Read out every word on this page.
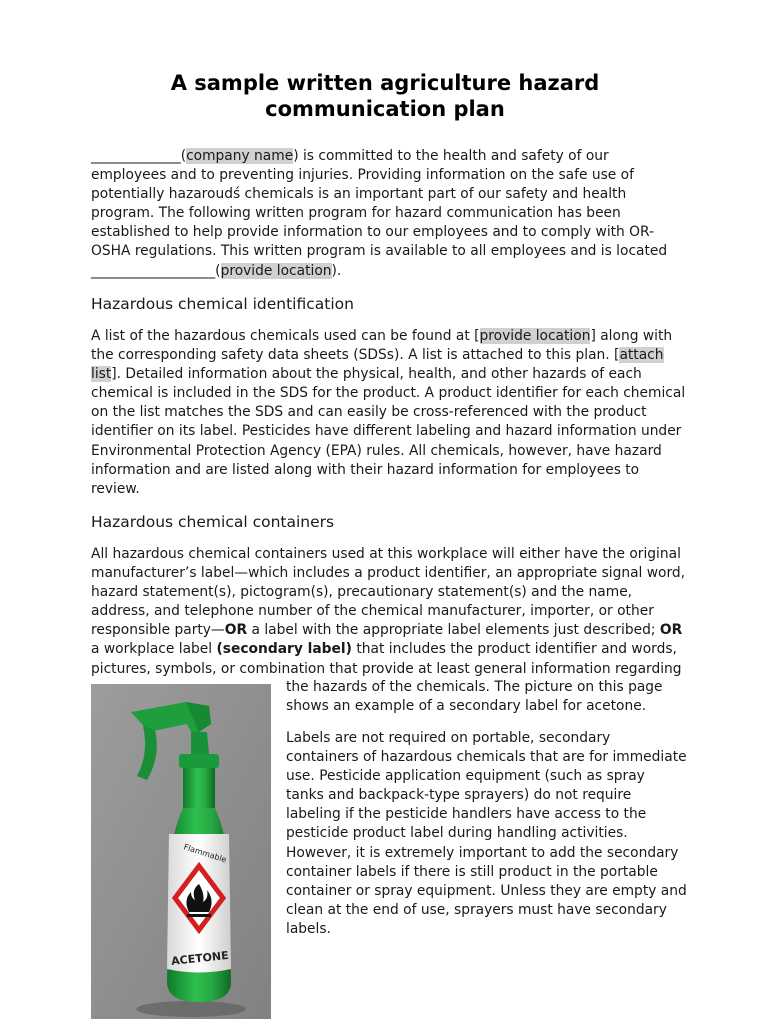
A sample written agriculture hazard communication plan
_____________(company name) is committed to the health and safety of our
employees and to preventing injuries. Providing information on the safe use of
potentially hazaroudś chemicals is an important part of our safety and health
program. The following written program for hazard communication has been
established to help provide information to our employees and to comply with OR-
OSHA regulations. This written program is available to all employees and is located
__________________(provide location).
Hazardous chemical identification
A list of the hazardous chemicals used can be found at [provide location] along with
the corresponding safety data sheets (SDSs). A list is attached to this plan. [attach
list]. Detailed information about the physical, health, and other hazards of each
chemical is included in the SDS for the product. A product identifier for each chemical
on the list matches the SDS and can easily be cross-referenced with the product
identifier on its label. Pesticides have different labeling and hazard information under
Environmental Protection Agency (EPA) rules. All chemicals, however, have hazard
information and are listed along with their hazard information for employees to
review.
Hazardous chemical containers
All hazardous chemical containers used at this workplace will either have the original
manufacturer’s label—which includes a product identifier, an appropriate signal word,
hazard statement(s), pictogram(s), precautionary statement(s) and the name,
address, and telephone number of the chemical manufacturer, importer, or other
responsible party—OR a label with the appropriate label elements just described; OR
a workplace label (secondary label) that includes the product identifier and words,
pictures, symbols, or combination that provide at least general information regarding
the hazards of the chemicals. The picture on this page
shows an example of a secondary label for acetone.
Labels are not required on portable, secondary
containers of hazardous chemicals that are for immediate
use. Pesticide application equipment (such as spray
tanks and backpack-type sprayers) do not require
labeling if the pesticide handlers have access to the
pesticide product label during handling activities.
However, it is extremely important to add the secondary
container labels if there is still product in the portable
container or spray equipment. Unless they are empty and
clean at the end of use, sprayers must have secondary
labels.
Flammable
ACETONE
